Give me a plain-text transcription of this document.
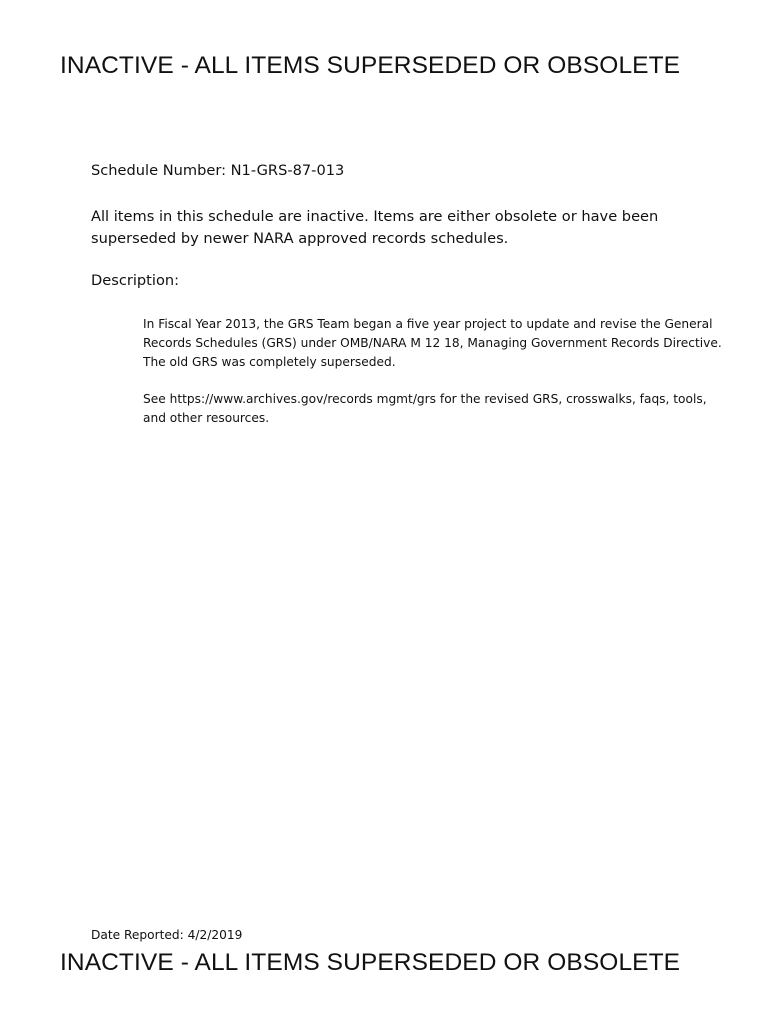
INACTIVE - ALL ITEMS SUPERSEDED OR OBSOLETE
Schedule Number: N1-GRS-87-013
All items in this schedule are inactive. Items are either obsolete or have been superseded by newer NARA approved records schedules.
Description:
In Fiscal Year 2013, the GRS Team began a five year project to update and revise the General Records Schedules (GRS) under OMB/NARA M 12 18, Managing Government Records Directive. The old GRS was completely superseded.
See https://www.archives.gov/records mgmt/grs for the revised GRS, crosswalks, faqs, tools, and other resources.
Date Reported: 4/2/2019
INACTIVE - ALL ITEMS SUPERSEDED OR OBSOLETE
